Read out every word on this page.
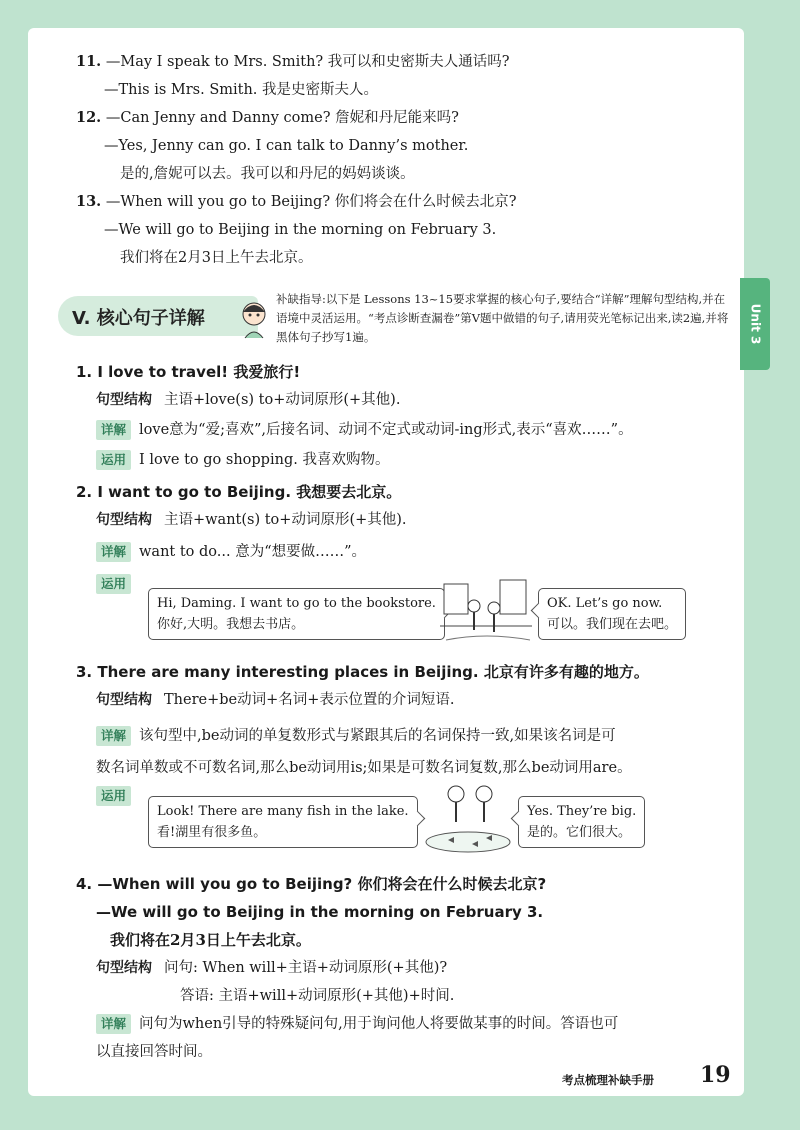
Unit 3
11. —May I speak to Mrs. Smith? 我可以和史密斯夫人通话吗?
—This is Mrs. Smith. 我是史密斯夫人。
12. —Can Jenny and Danny come? 詹妮和丹尼能来吗?
—Yes, Jenny can go. I can talk to Danny’s mother.
是的,詹妮可以去。我可以和丹尼的妈妈谈谈。
13. —When will you go to Beijing? 你们将会在什么时候去北京?
—We will go to Beijing in the morning on February 3.
我们将在2月3日上午去北京。
V. 核心句子详解
补缺指导:以下是 Lessons 13~15要求掌握的核心句子,要结合“详解”理解句型结构,并在语境中灵活运用。“考点诊断查漏卷”第Ⅴ题中做错的句子,请用荧光笔标记出来,读2遍,并将黑体句子抄写1遍。
1. I love to travel! 我爱旅行!
句型结构 主语+love(s) to+动词原形(+其他).
详解 love意为“爱;喜欢”,后接名词、动词不定式或动词-ing形式,表示“喜欢……”。
运用 I love to go shopping. 我喜欢购物。
2. I want to go to Beijing. 我想要去北京。
句型结构 主语+want(s) to+动词原形(+其他).
详解 want to do... 意为“想要做……”。
运用
Hi, Daming. I want to go to the bookstore.
你好,大明。我想去书店。
OK. Let’s go now.
可以。我们现在去吧。
3. There are many interesting places in Beijing. 北京有许多有趣的地方。
句型结构 There+be动词+名词+表示位置的介词短语.
详解 该句型中,be动词的单复数形式与紧跟其后的名词保持一致,如果该名词是可
数名词单数或不可数名词,那么be动词用is;如果是可数名词复数,那么be动词用are。
运用
Look! There are many fish in the lake.
看!湖里有很多鱼。
Yes. They’re big.
是的。它们很大。
4. —When will you go to Beijing? 你们将会在什么时候去北京?
—We will go to Beijing in the morning on February 3.
我们将在2月3日上午去北京。
句型结构 问句: When will+主语+动词原形(+其他)?
答语: 主语+will+动词原形(+其他)+时间.
详解 问句为when引导的特殊疑问句,用于询问他人将要做某事的时间。答语也可
以直接回答时间。
考点梳理补缺手册 19
